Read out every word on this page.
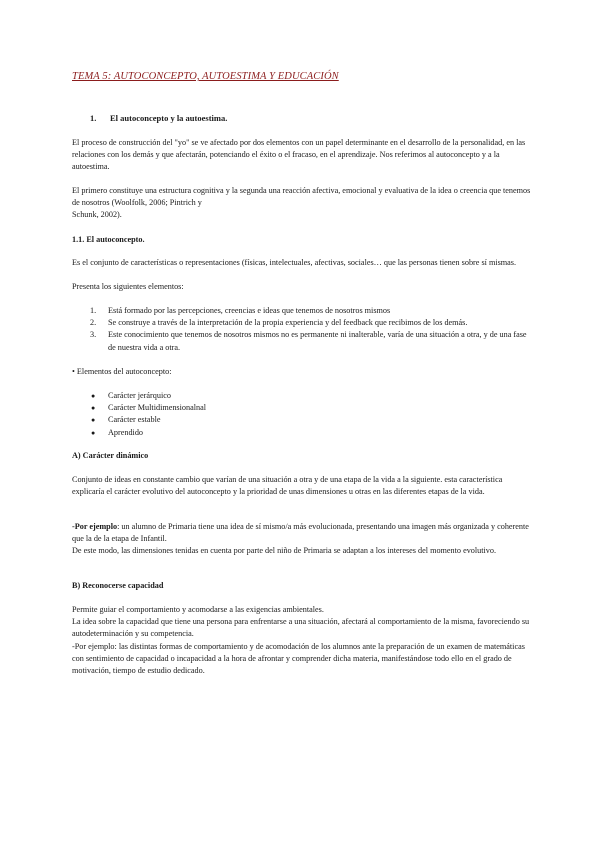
TEMA 5: AUTOCONCEPTO, AUTOESTIMA Y EDUCACIÓN
1. El autoconcepto y la autoestima.
El proceso de construcción del "yo" se ve afectado por dos elementos con un papel determinante en el desarrollo de la personalidad, en las relaciones con los demás y que afectarán, potenciando el éxito o el fracaso, en el aprendizaje. Nos referimos al autoconcepto y a la autoestima.
El primero constituye una estructura cognitiva y la segunda una reacción afectiva, emocional y evaluativa de la idea o creencia que tenemos de nosotros (Woolfolk, 2006; Pintrich y
Schunk, 2002).
1.1. El autoconcepto.
Es el conjunto de características o representaciones (físicas, intelectuales, afectivas, sociales… que las personas tienen sobre sí mismas.
Presenta los siguientes elementos:
1. Está formado por las percepciones, creencias e ideas que tenemos de nosotros mismos
2. Se construye a través de la interpretación de la propia experiencia y del feedback que recibimos de los demás.
3. Este conocimiento que tenemos de nosotros mismos no es permanente ni inalterable, varía de una situación a otra, y de una fase de nuestra vida a otra.
• Elementos del autoconcepto:
● Carácter jerárquico
● Carácter Multidimensionalnal
● Carácter estable
● Aprendido
A) Carácter dinámico
Conjunto de ideas en constante cambio que varían de una situación a otra y de una etapa de la vida a la siguiente. esta característica explicaría el carácter evolutivo del autoconcepto y la prioridad de unas dimensiones u otras en las diferentes etapas de la vida.
-Por ejemplo: un alumno de Primaria tiene una idea de sí mismo/a más evolucionada, presentando una imagen más organizada y coherente que la de la etapa de Infantil.
De este modo, las dimensiones tenidas en cuenta por parte del niño de Primaria se adaptan a los intereses del momento evolutivo.
B) Reconocerse capacidad
Permite guiar el comportamiento y acomodarse a las exigencias ambientales.
La idea sobre la capacidad que tiene una persona para enfrentarse a una situación, afectará al comportamiento de la misma, favoreciendo su autodeterminación y su competencia.
-Por ejemplo: las distintas formas de comportamiento y de acomodación de los alumnos ante la preparación de un examen de matemáticas con sentimiento de capacidad o incapacidad a la hora de afrontar y comprender dicha materia, manifestándose todo ello en el grado de motivación, tiempo de estudio dedicado.
